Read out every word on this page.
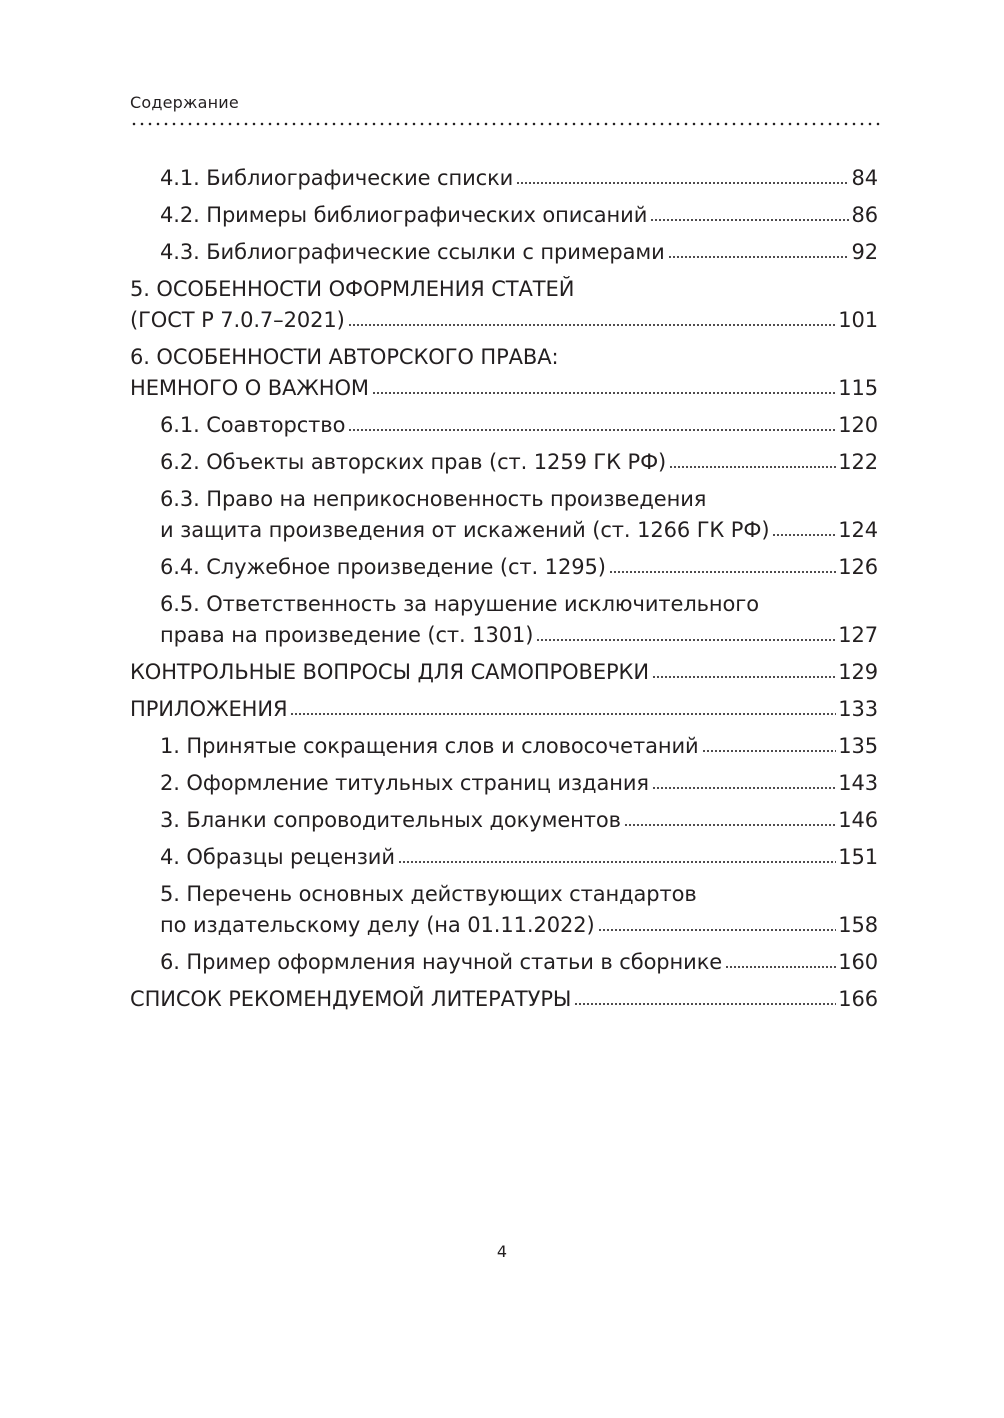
Содержание
4.1. Библиографические списки	84
4.2. Примеры библиографических описаний	86
4.3. Библиографические ссылки с примерами	92
5. ОСОБЕННОСТИ ОФОРМЛЕНИЯ СТАТЕЙ
(ГОСТ Р 7.0.7–2021)	101
6. ОСОБЕННОСТИ АВТОРСКОГО ПРАВА:
НЕМНОГО О ВАЖНОМ	115
6.1. Соавторство	120
6.2. Объекты авторских прав (ст. 1259 ГК РФ)	122
6.3. Право на неприкосновенность произведения
и защита произведения от искажений (ст. 1266 ГК РФ)	124
6.4. Служебное произведение (ст. 1295)	126
6.5. Ответственность за нарушение исключительного
права на произведение (ст. 1301)	127
КОНТРОЛЬНЫЕ ВОПРОСЫ ДЛЯ САМОПРОВЕРКИ	129
ПРИЛОЖЕНИЯ	133
1. Принятые сокращения слов и словосочетаний	135
2. Оформление титульных страниц издания	143
3. Бланки сопроводительных документов	146
4. Образцы рецензий	151
5. Перечень основных действующих стандартов
по издательскому делу (на 01.11.2022)	158
6. Пример оформления научной статьи в сборнике	160
СПИСОК РЕКОМЕНДУЕМОЙ ЛИТЕРАТУРЫ	166
4
